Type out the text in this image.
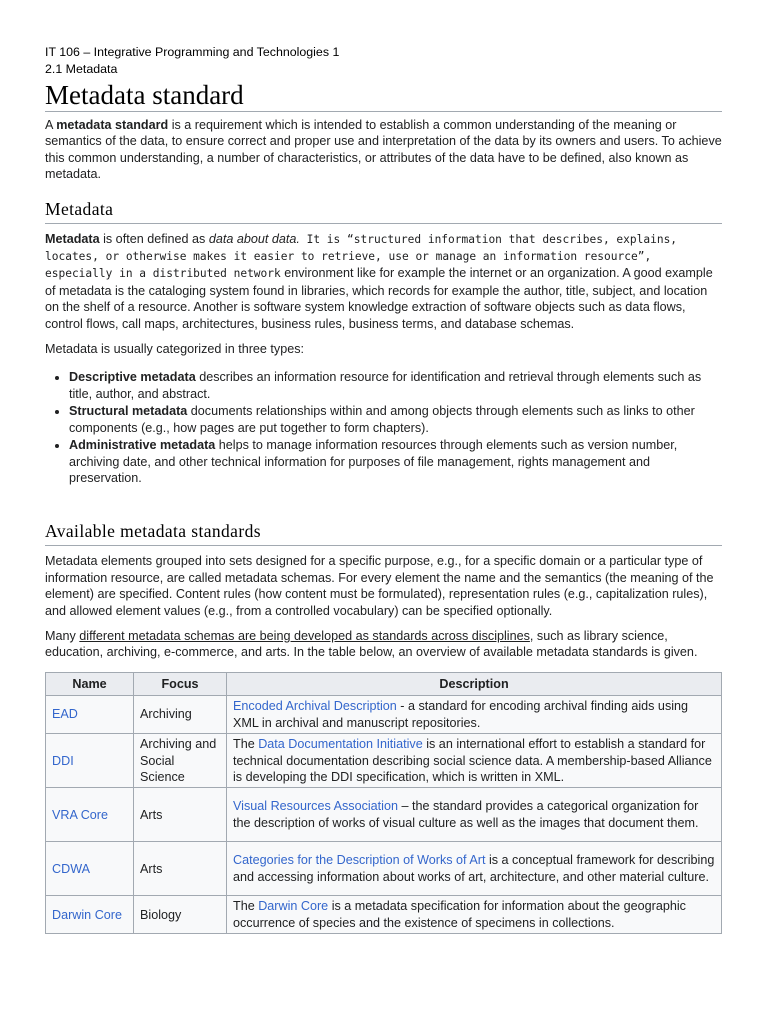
IT 106 – Integrative Programming and Technologies 1
2.1 Metadata
Metadata standard

A metadata standard is a requirement which is intended to establish a common understanding of the meaning or semantics of the data, to ensure correct and proper use and interpretation of the data by its owners and users. To achieve this common understanding, a number of characteristics, or attributes of the data have to be defined, also known as metadata.

Metadata

Metadata is often defined as data about data. It is “structured information that describes, explains, locates, or otherwise makes it easier to retrieve, use or manage an information resource”, especially in a distributed network environment like for example the internet or an organization. A good example of metadata is the cataloging system found in libraries, which records for example the author, title, subject, and location on the shelf of a resource. Another is software system knowledge extraction of software objects such as data flows, control flows, call maps, architectures, business rules, business terms, and database schemas.

Metadata is usually categorized in three types:

• Descriptive metadata describes an information resource for identification and retrieval through elements such as title, author, and abstract.
• Structural metadata documents relationships within and among objects through elements such as links to other components (e.g., how pages are put together to form chapters).
• Administrative metadata helps to manage information resources through elements such as version number, archiving date, and other technical information for purposes of file management, rights management and preservation.
Available metadata standards

Metadata elements grouped into sets designed for a specific purpose, e.g., for a specific domain or a particular type of information resource, are called metadata schemas. For every element the name and the semantics (the meaning of the element) are specified. Content rules (how content must be formulated), representation rules (e.g., capitalization rules), and allowed element values (e.g., from a controlled vocabulary) can be specified optionally.

Many different metadata schemas are being developed as standards across disciplines, such as library science, education, archiving, e-commerce, and arts. In the table below, an overview of available metadata standards is given.

Name	Focus	Description
EAD	Archiving	Encoded Archival Description - a standard for encoding archival finding aids using XML in archival and manuscript repositories.
DDI	Archiving and Social Science	The Data Documentation Initiative is an international effort to establish a standard for technical documentation describing social science data. A membership-based Alliance is developing the DDI specification, which is written in XML.
VRA Core	Arts	Visual Resources Association – the standard provides a categorical organization for the description of works of visual culture as well as the images that document them.
CDWA	Arts	Categories for the Description of Works of Art is a conceptual framework for describing and accessing information about works of art, architecture, and other material culture.
Darwin Core	Biology	The Darwin Core is a metadata specification for information about the geographic occurrence of species and the existence of specimens in collections.
